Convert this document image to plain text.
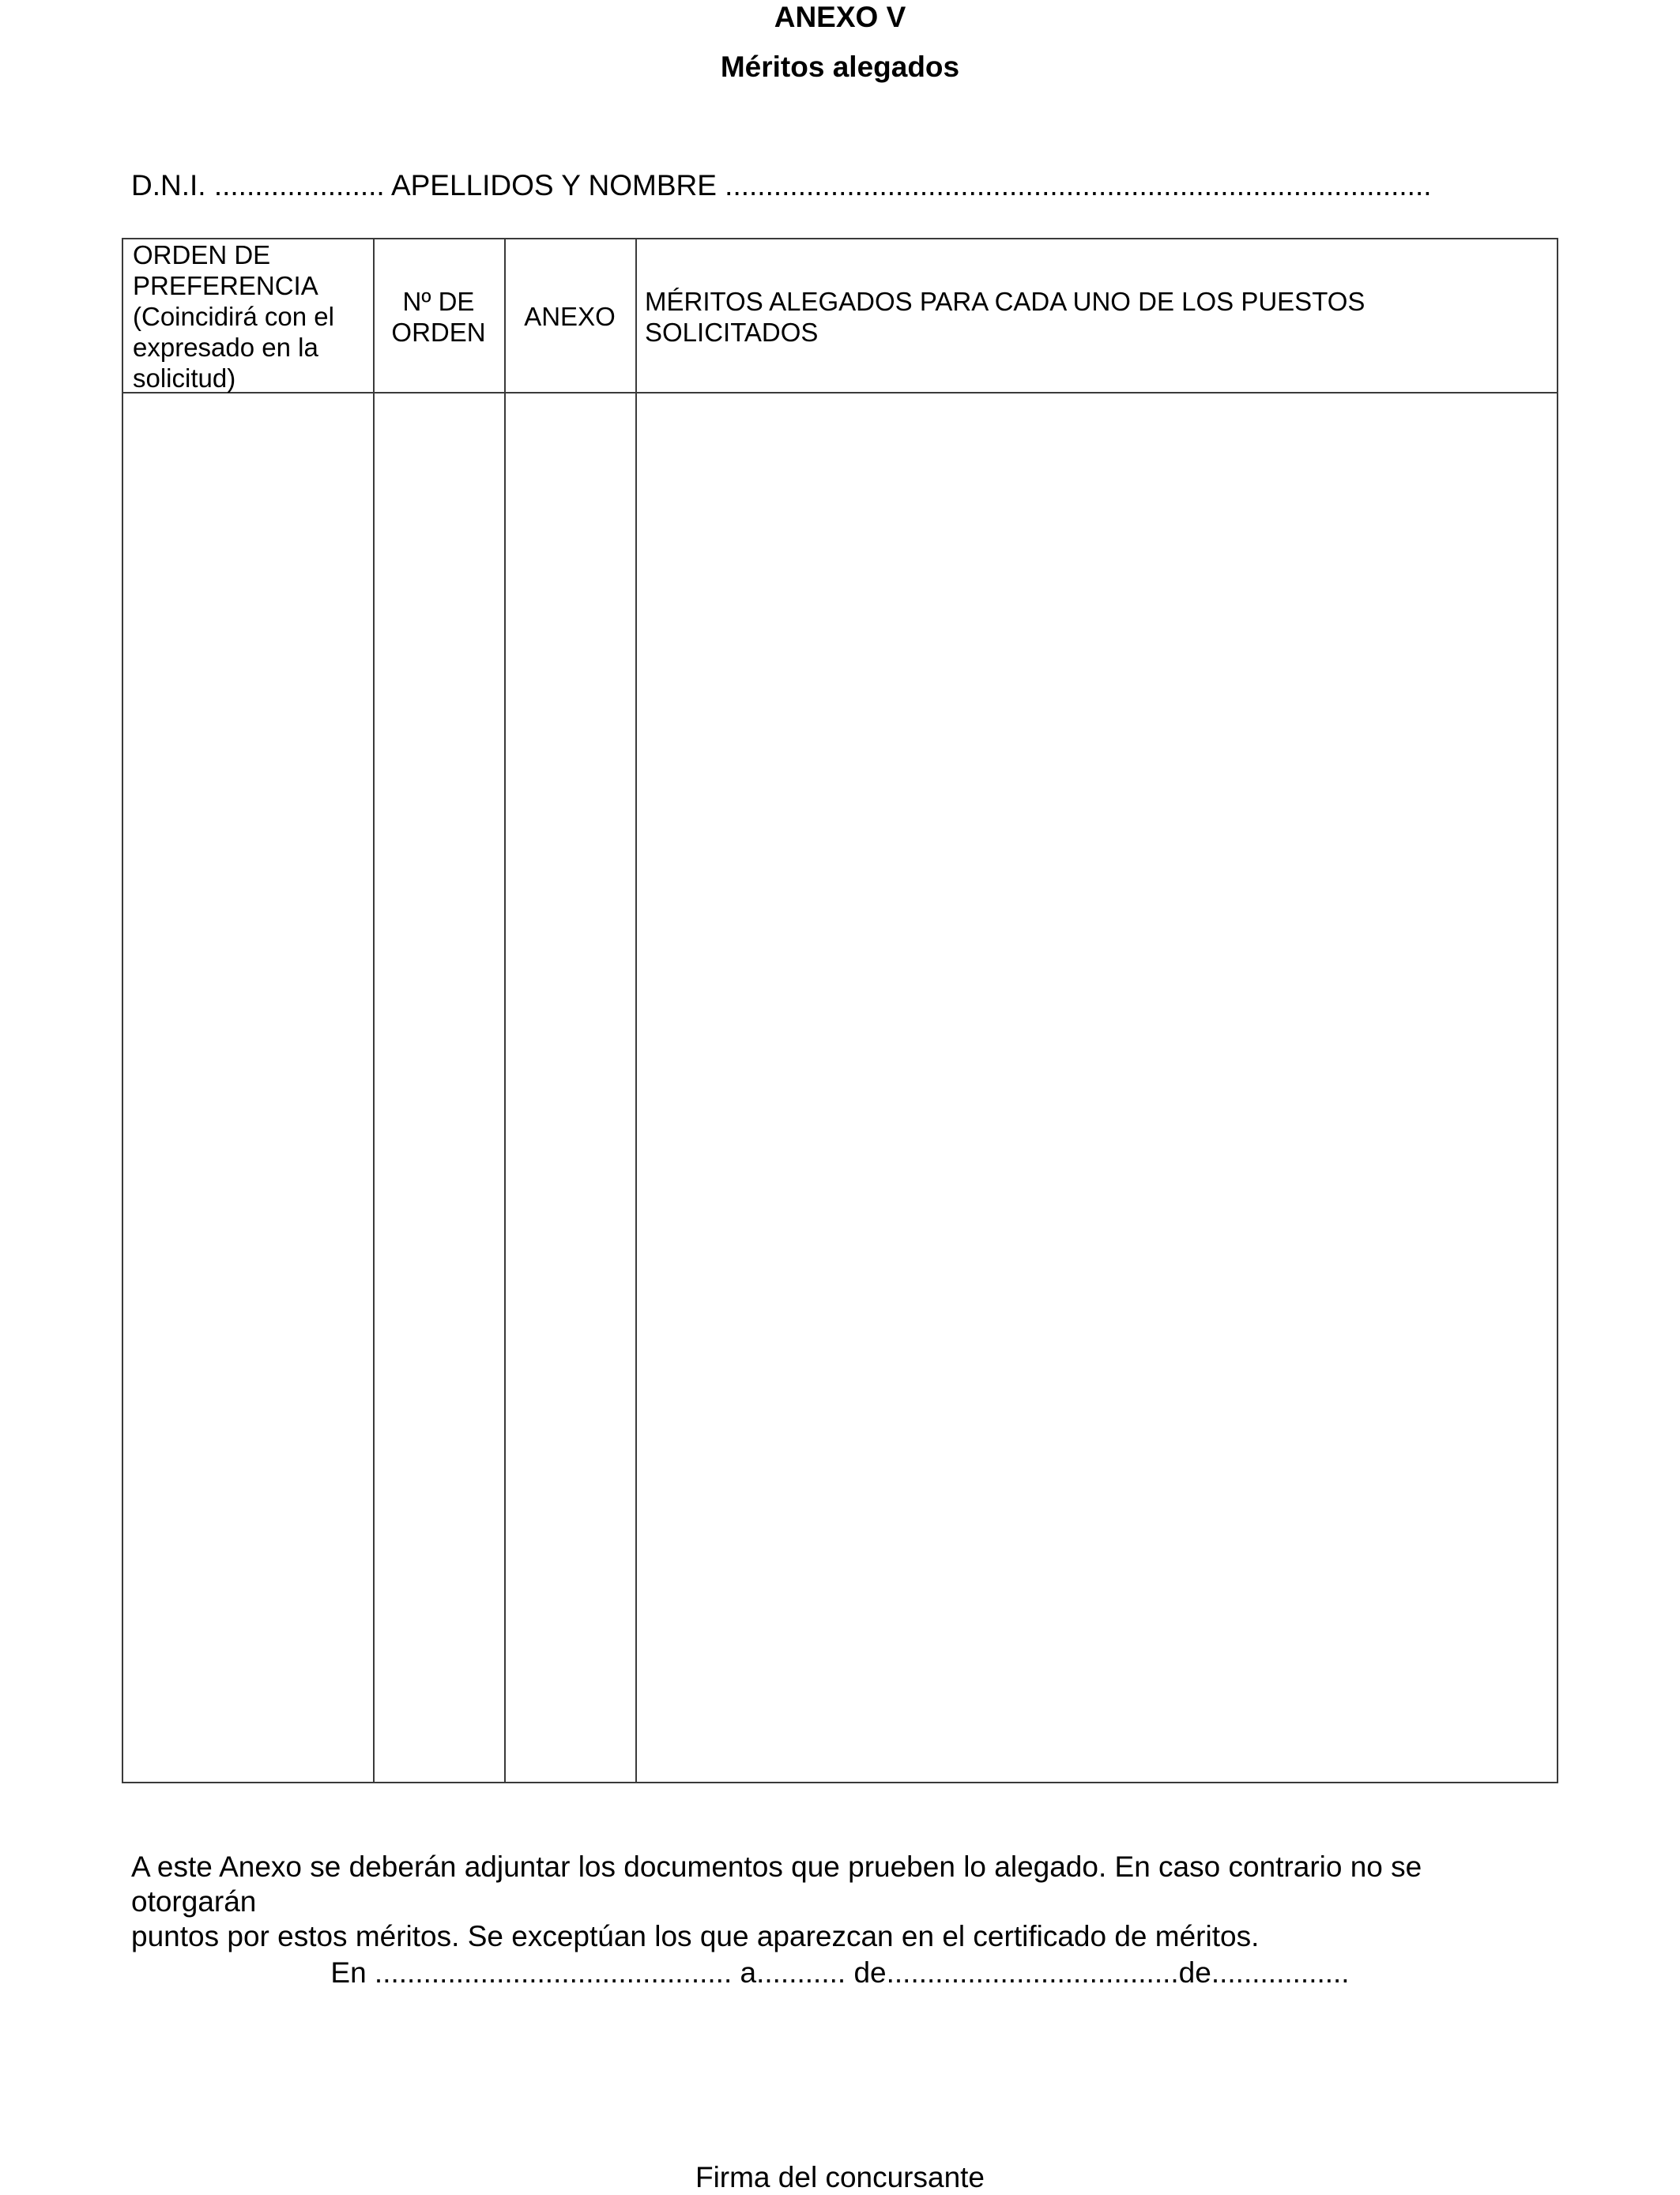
ANEXO V
Méritos alegados
D.N.I. ..................... APELLIDOS Y NOMBRE .......................................................................................
ORDEN DE
PREFERENCIA
(Coincidirá con el
expresado en la
solicitud)
Nº DE
ORDEN
ANEXO
MÉRITOS ALEGADOS PARA CADA UNO DE LOS PUESTOS
SOLICITADOS
A este Anexo se deberán adjuntar los documentos que prueben lo alegado. En caso contrario no se otorgarán
puntos por estos méritos. Se exceptúan los que aparezcan en el certificado de méritos.
En ............................................ a........... de....................................de.................
Firma del concursante
